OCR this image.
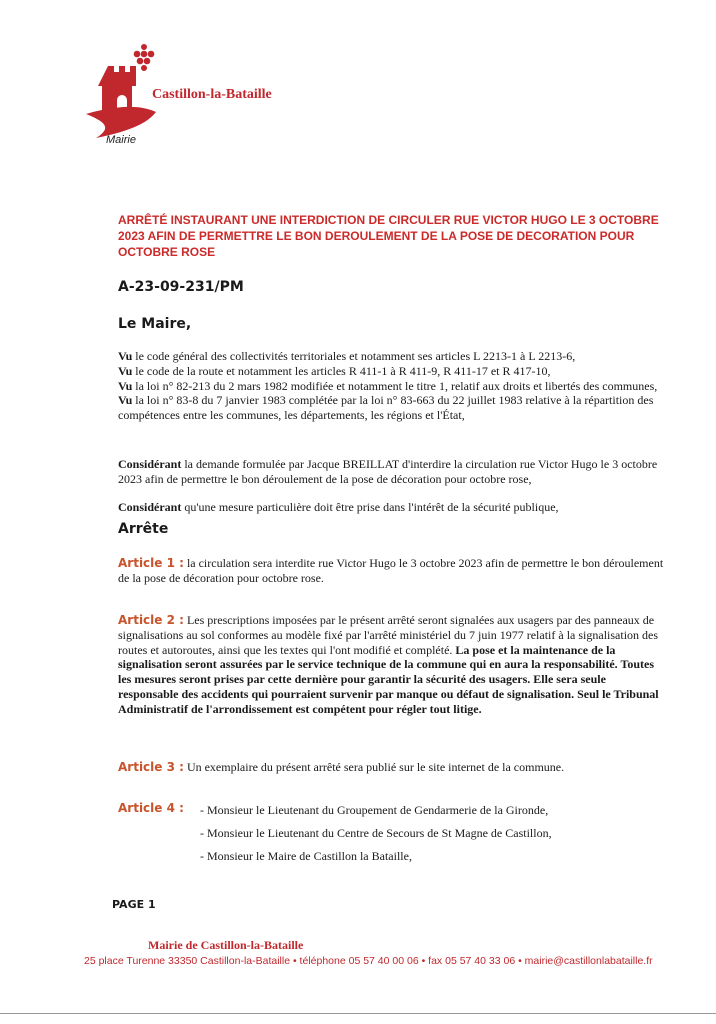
Castillon-la-Bataille
Mairie
ARRÊTÉ INSTAURANT UNE INTERDICTION DE CIRCULER RUE VICTOR HUGO LE 3 OCTOBRE 2023 AFIN DE PERMETTRE LE BON DEROULEMENT DE LA POSE DE DECORATION POUR OCTOBRE ROSE
A-23-09-231/PM
Le Maire,

Vu le code général des collectivités territoriales et notamment ses articles L 2213-1 à L 2213-6,

Vu le code de la route et notamment les articles R 411-1 à R 411-9, R 411-17 et R 417-10,

Vu la loi n° 82-213 du 2 mars 1982 modifiée et notamment le titre 1, relatif aux droits et libertés des communes,

Vu la loi n° 83-8 du 7 janvier 1983 complétée par la loi n° 83-663 du 22 juillet 1983 relative à la répartition des compétences entre les communes, les départements, les régions et l'État,

Considérant la demande formulée par Jacque BREILLAT d'interdire la circulation rue Victor Hugo le 3 octobre 2023 afin de permettre le bon déroulement de la pose de décoration pour octobre rose,
Considérant qu'une mesure particulière doit être prise dans l'intérêt de la sécurité publique,
Arrête
Article 1 : la circulation sera interdite rue Victor Hugo le 3 octobre 2023 afin de permettre le bon déroulement de la pose de décoration pour octobre rose.
Article 2 : Les prescriptions imposées par le présent arrêté seront signalées aux usagers par des panneaux de signalisations au sol conformes au modèle fixé par l'arrêté ministériel du 7 juin 1977 relatif à la signalisation des routes et autoroutes, ainsi que les textes qui l'ont modifié et complété. La pose et la maintenance de la signalisation seront assurées par le service technique de la commune qui en aura la responsabilité. Toutes les mesures seront prises par cette dernière pour garantir la sécurité des usagers. Elle sera seule responsable des accidents qui pourraient survenir par manque ou défaut de signalisation. Seul le Tribunal Administratif de l'arrondissement est compétent pour régler tout litige.
Article 3 : Un exemplaire du présent arrêté sera publié sur le site internet de la commune.
Article 4 :	- Monsieur le Lieutenant du Groupement de Gendarmerie de la Gironde,
- Monsieur le Lieutenant du Centre de Secours de St Magne de Castillon,
- Monsieur le Maire de Castillon la Bataille,
PAGE 1
Mairie de Castillon-la-Bataille
25 place Turenne 33350 Castillon-la-Bataille • téléphone 05 57 40 00 06 • fax 05 57 40 33 06 • mairie@castillonlabataille.fr
